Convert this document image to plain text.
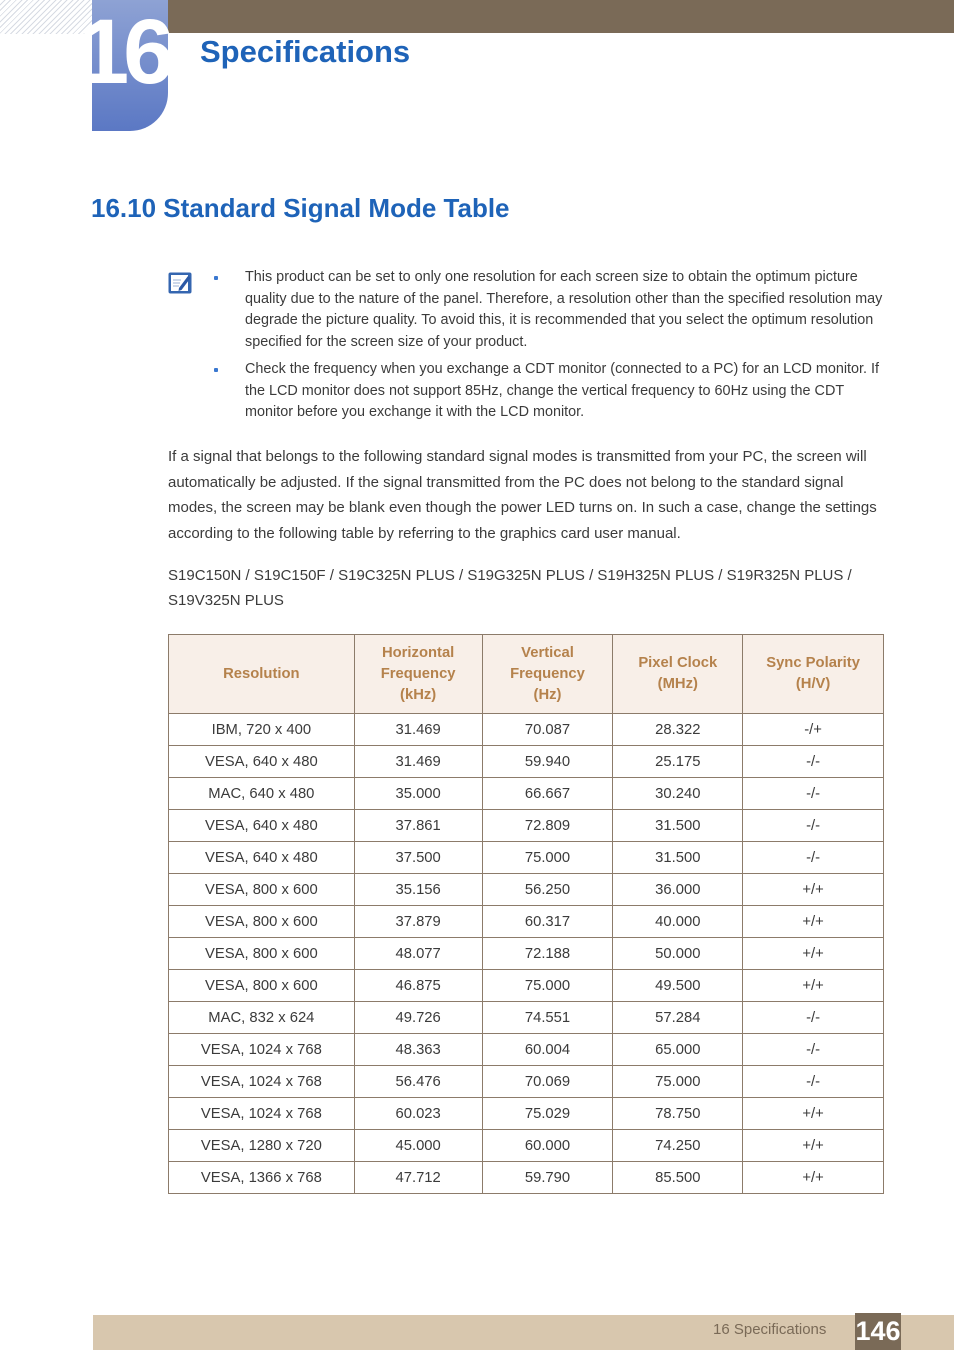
16 Specifications
16.10 Standard Signal Mode Table
This product can be set to only one resolution for each screen size to obtain the optimum picture quality due to the nature of the panel. Therefore, a resolution other than the specified resolution may degrade the picture quality. To avoid this, it is recommended that you select the optimum resolution specified for the screen size of your product.
Check the frequency when you exchange a CDT monitor (connected to a PC) for an LCD monitor. If the LCD monitor does not support 85Hz, change the vertical frequency to 60Hz using the CDT monitor before you exchange it with the LCD monitor.

If a signal that belongs to the following standard signal modes is transmitted from your PC, the screen will automatically be adjusted. If the signal transmitted from the PC does not belong to the standard signal modes, the screen may be blank even though the power LED turns on. In such a case, change the settings according to the following table by referring to the graphics card user manual.

S19C150N / S19C150F / S19C325N PLUS / S19G325N PLUS / S19H325N PLUS / S19R325N PLUS / S19V325N PLUS

Resolution	Horizontal
Frequency
(kHz)	Vertical
Frequency
(Hz)	Pixel Clock
(MHz)	Sync Polarity
(H/V)
IBM, 720 x 400	31.469	70.087	28.322	-/+
VESA, 640 x 480	31.469	59.940	25.175	-/-
MAC, 640 x 480	35.000	66.667	30.240	-/-
VESA, 640 x 480	37.861	72.809	31.500	-/-
VESA, 640 x 480	37.500	75.000	31.500	-/-
VESA, 800 x 600	35.156	56.250	36.000	+/+
VESA, 800 x 600	37.879	60.317	40.000	+/+
VESA, 800 x 600	48.077	72.188	50.000	+/+
VESA, 800 x 600	46.875	75.000	49.500	+/+
MAC, 832 x 624	49.726	74.551	57.284	-/-
VESA, 1024 x 768	48.363	60.004	65.000	-/-
VESA, 1024 x 768	56.476	70.069	75.000	-/-
VESA, 1024 x 768	60.023	75.029	78.750	+/+
VESA, 1280 x 720	45.000	60.000	74.250	+/+
VESA, 1366 x 768	47.712	59.790	85.500	+/+
16 Specifications 146
